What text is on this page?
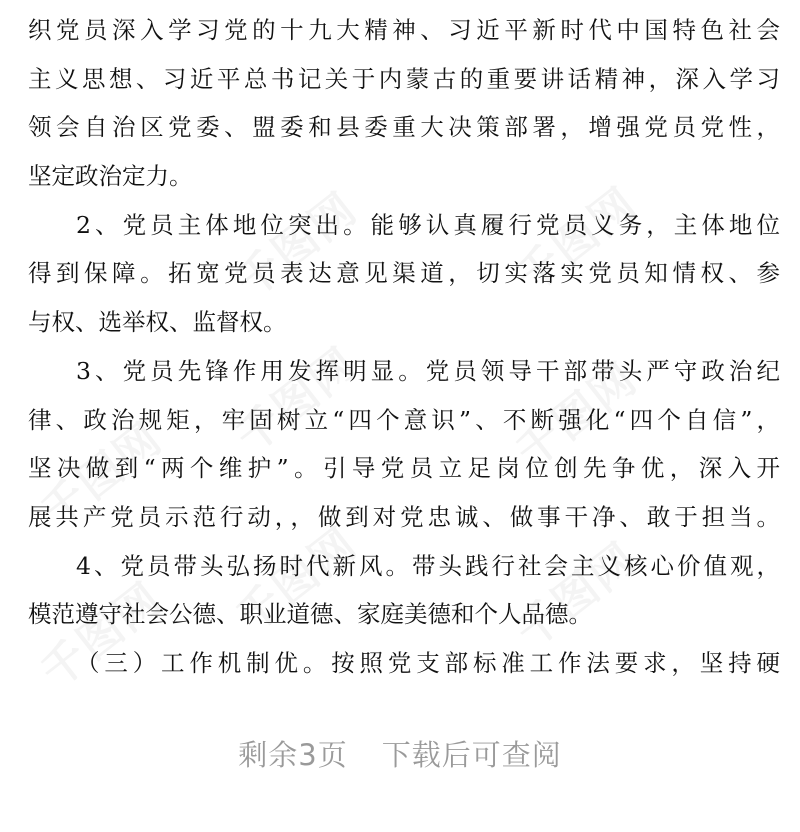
千图网	千图网
千图网	千图网
千图网	千图网
千图网
千图网
织党员深入学习党的十九大精神、习近平新时代中国特色社会
主义思想、习近平总书记关于内蒙古的重要讲话精神，深入学习
领会自治区党委、盟委和县委重大决策部署，增强党员党性，
坚定政治定力。
2、党员主体地位突出。能够认真履行党员义务，主体地位
得到保障。拓宽党员表达意见渠道，切实落实党员知情权、参
与权、选举权、监督权。
3、党员先锋作用发挥明显。党员领导干部带头严守政治纪
律、政治规矩，牢固树立“四个意识”、不断强化“四个自信”，
坚决做到“两个维护”。引导党员立足岗位创先争优，深入开
展共产党员示范行动，，做到对党忠诚、做事干净、敢于担当。
4、党员带头弘扬时代新风。带头践行社会主义核心价值观，
模范遵守社会公德、职业道德、家庭美德和个人品德。
（三）工作机制优。按照党支部标准工作法要求，坚持硬
剩余3页 下载后可查阅
